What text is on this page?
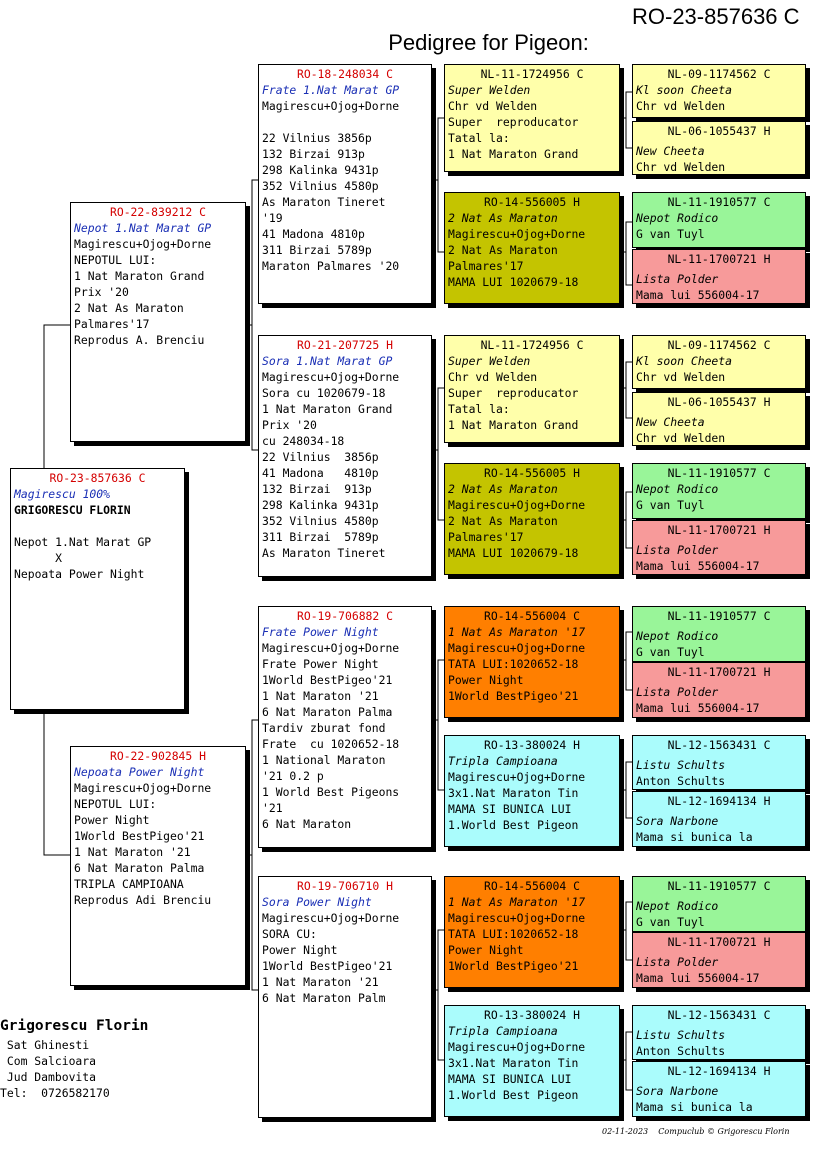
Pedigree for Pigeon:

RO-23-857636 C

RO-23-857636 C
Magirescu 100%
GRIGORESCU FLORIN
Nepot 1.Nat Marat GP
X
Nepoata Power Night
RO-22-839212 C
Nepot 1.Nat Marat GP
Magirescu+Ojog+Dorne
NEPOTUL LUI:
1 Nat Maraton Grand
Prix '20
2 Nat As Maraton
Palmares'17
Reprodus A. Brenciu
RO-22-902845 H
Nepoata Power Night
Magirescu+Ojog+Dorne
NEPOTUL LUI:
Power Night
1World BestPigeo'21
1 Nat Maraton '21
6 Nat Maraton Palma
TRIPLA CAMPIOANA
Reprodus Adi Brenciu
RO-18-248034 C
Frate 1.Nat Marat GP
Magirescu+Ojog+Dorne
22 Vilnius 3856p
132 Birzai 913p
298 Kalinka 9431p
352 Vilnius 4580p
As Maraton Tineret
'19
41 Madona 4810p
311 Birzai 5789p
Maraton Palmares '20
RO-21-207725 H
Sora 1.Nat Marat GP
Magirescu+Ojog+Dorne
Sora cu 1020679-18
1 Nat Maraton Grand
Prix '20
cu 248034-18
22 Vilnius  3856p
41 Madona   4810p
132 Birzai  913p
298 Kalinka 9431p
352 Vilnius 4580p
311 Birzai  5789p
As Maraton Tineret
RO-19-706882 C
Frate Power Night
Magirescu+Ojog+Dorne
Frate Power Night
1World BestPigeo'21
1 Nat Maraton '21
6 Nat Maraton Palma
Tardiv zburat fond
Frate  cu 1020652-18
1 National Maraton
'21 0.2 p
1 World Best Pigeons
'21
6 Nat Maraton
RO-19-706710 H
Sora Power Night
Magirescu+Ojog+Dorne
SORA CU:
Power Night
1World BestPigeo'21
1 Nat Maraton '21
6 Nat Maraton Palm
NL-11-1724956 C
Super Welden
Chr vd Welden
Super  reproducator
Tatal la:
1 Nat Maraton Grand
RO-14-556005 H
2 Nat As Maraton
Magirescu+Ojog+Dorne
2 Nat As Maraton
Palmares'17
MAMA LUI 1020679-18
NL-11-1724956 C
Super Welden
Chr vd Welden
Super  reproducator
Tatal la:
1 Nat Maraton Grand
RO-14-556005 H
2 Nat As Maraton
Magirescu+Ojog+Dorne
2 Nat As Maraton
Palmares'17
MAMA LUI 1020679-18
RO-14-556004 C
1 Nat As Maraton '17
Magirescu+Ojog+Dorne
TATA LUI:1020652-18
Power Night
1World BestPigeo'21
RO-13-380024 H
Tripla Campioana
Magirescu+Ojog+Dorne
3x1.Nat Maraton Tin
MAMA SI BUNICA LUI
1.World Best Pigeon
RO-14-556004 C
1 Nat As Maraton '17
Magirescu+Ojog+Dorne
TATA LUI:1020652-18
Power Night
1World BestPigeo'21
RO-13-380024 H
Tripla Campioana
Magirescu+Ojog+Dorne
3x1.Nat Maraton Tin
MAMA SI BUNICA LUI
1.World Best Pigeon
NL-09-1174562 C
Kl soon Cheeta
Chr vd Welden
NL-06-1055437 H
New Cheeta
Chr vd Welden
NL-11-1910577 C
Nepot Rodico
G van Tuyl
NL-11-1700721 H
Lista Polder
Mama lui 556004-17
NL-09-1174562 C
Kl soon Cheeta
Chr vd Welden
NL-06-1055437 H
New Cheeta
Chr vd Welden
NL-11-1910577 C
Nepot Rodico
G van Tuyl
NL-11-1700721 H
Lista Polder
Mama lui 556004-17
NL-11-1910577 C
Nepot Rodico
G van Tuyl
NL-11-1700721 H
Lista Polder
Mama lui 556004-17
NL-12-1563431 C
Listu Schults
Anton Schults
NL-12-1694134 H
Sora Narbone
Mama si bunica la
NL-11-1910577 C
Nepot Rodico
G van Tuyl
NL-11-1700721 H
Lista Polder
Mama lui 556004-17
NL-12-1563431 C
Listu Schults
Anton Schults
NL-12-1694134 H
Sora Narbone
Mama si bunica la
Grigorescu Florin
Sat Ghinesti
Com Salcioara
Jud Dambovita
Tel:  0726582170
02-11-2023 Compuclub © Grigorescu Florin
